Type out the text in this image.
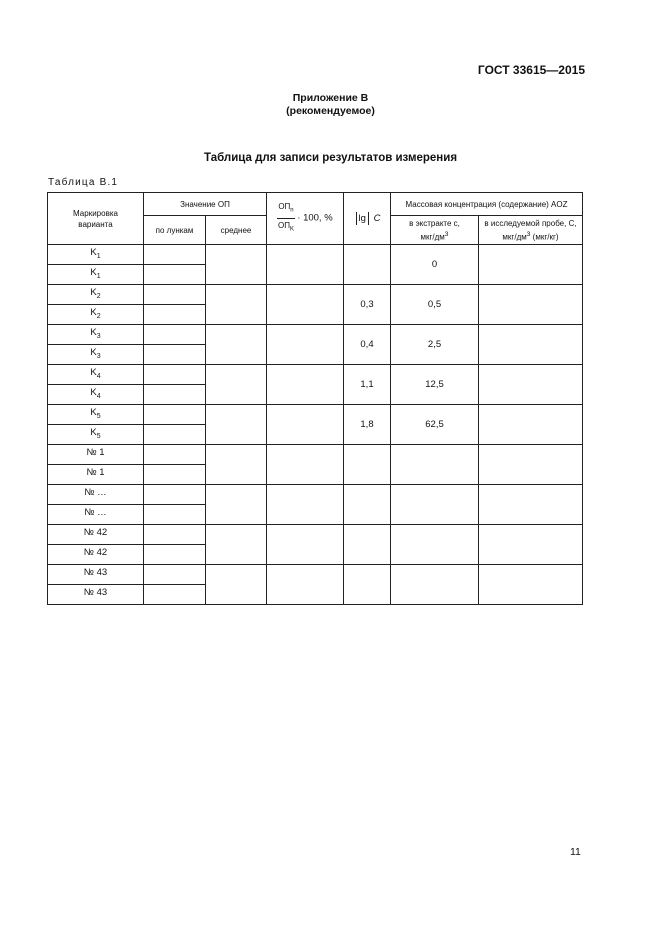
ГОСТ 33615—2015
Приложение В
(рекомендуемое)
Таблица для записи результатов измерения
Таблица В.1
Маркировка варианта	Значение ОП		$\frac{ОП_n}{ОП_K} \cdot 100$, %	lg C	Массовая концентрация (содержание) AOZ	
	по лункам	среднее			в экстракте с, мкг/$дм^3$	в исследуемой пробе, С, мкг/$дм^3$ (мкг/кг)
$K_1$					0	
$K_1$	
$K_2$				0,3	0,5	
$K_2$	
$K_3$				0,4	2,5	
$K_3$	
$K_4$				1,1	12,5	
$K_4$	
$K_5$				1,8	62,5	
$K_5$	
№ 1						
№ 1						
№ …						
№ …						
№ 42						
№ 42						
№ 43						
№ 43						
11
